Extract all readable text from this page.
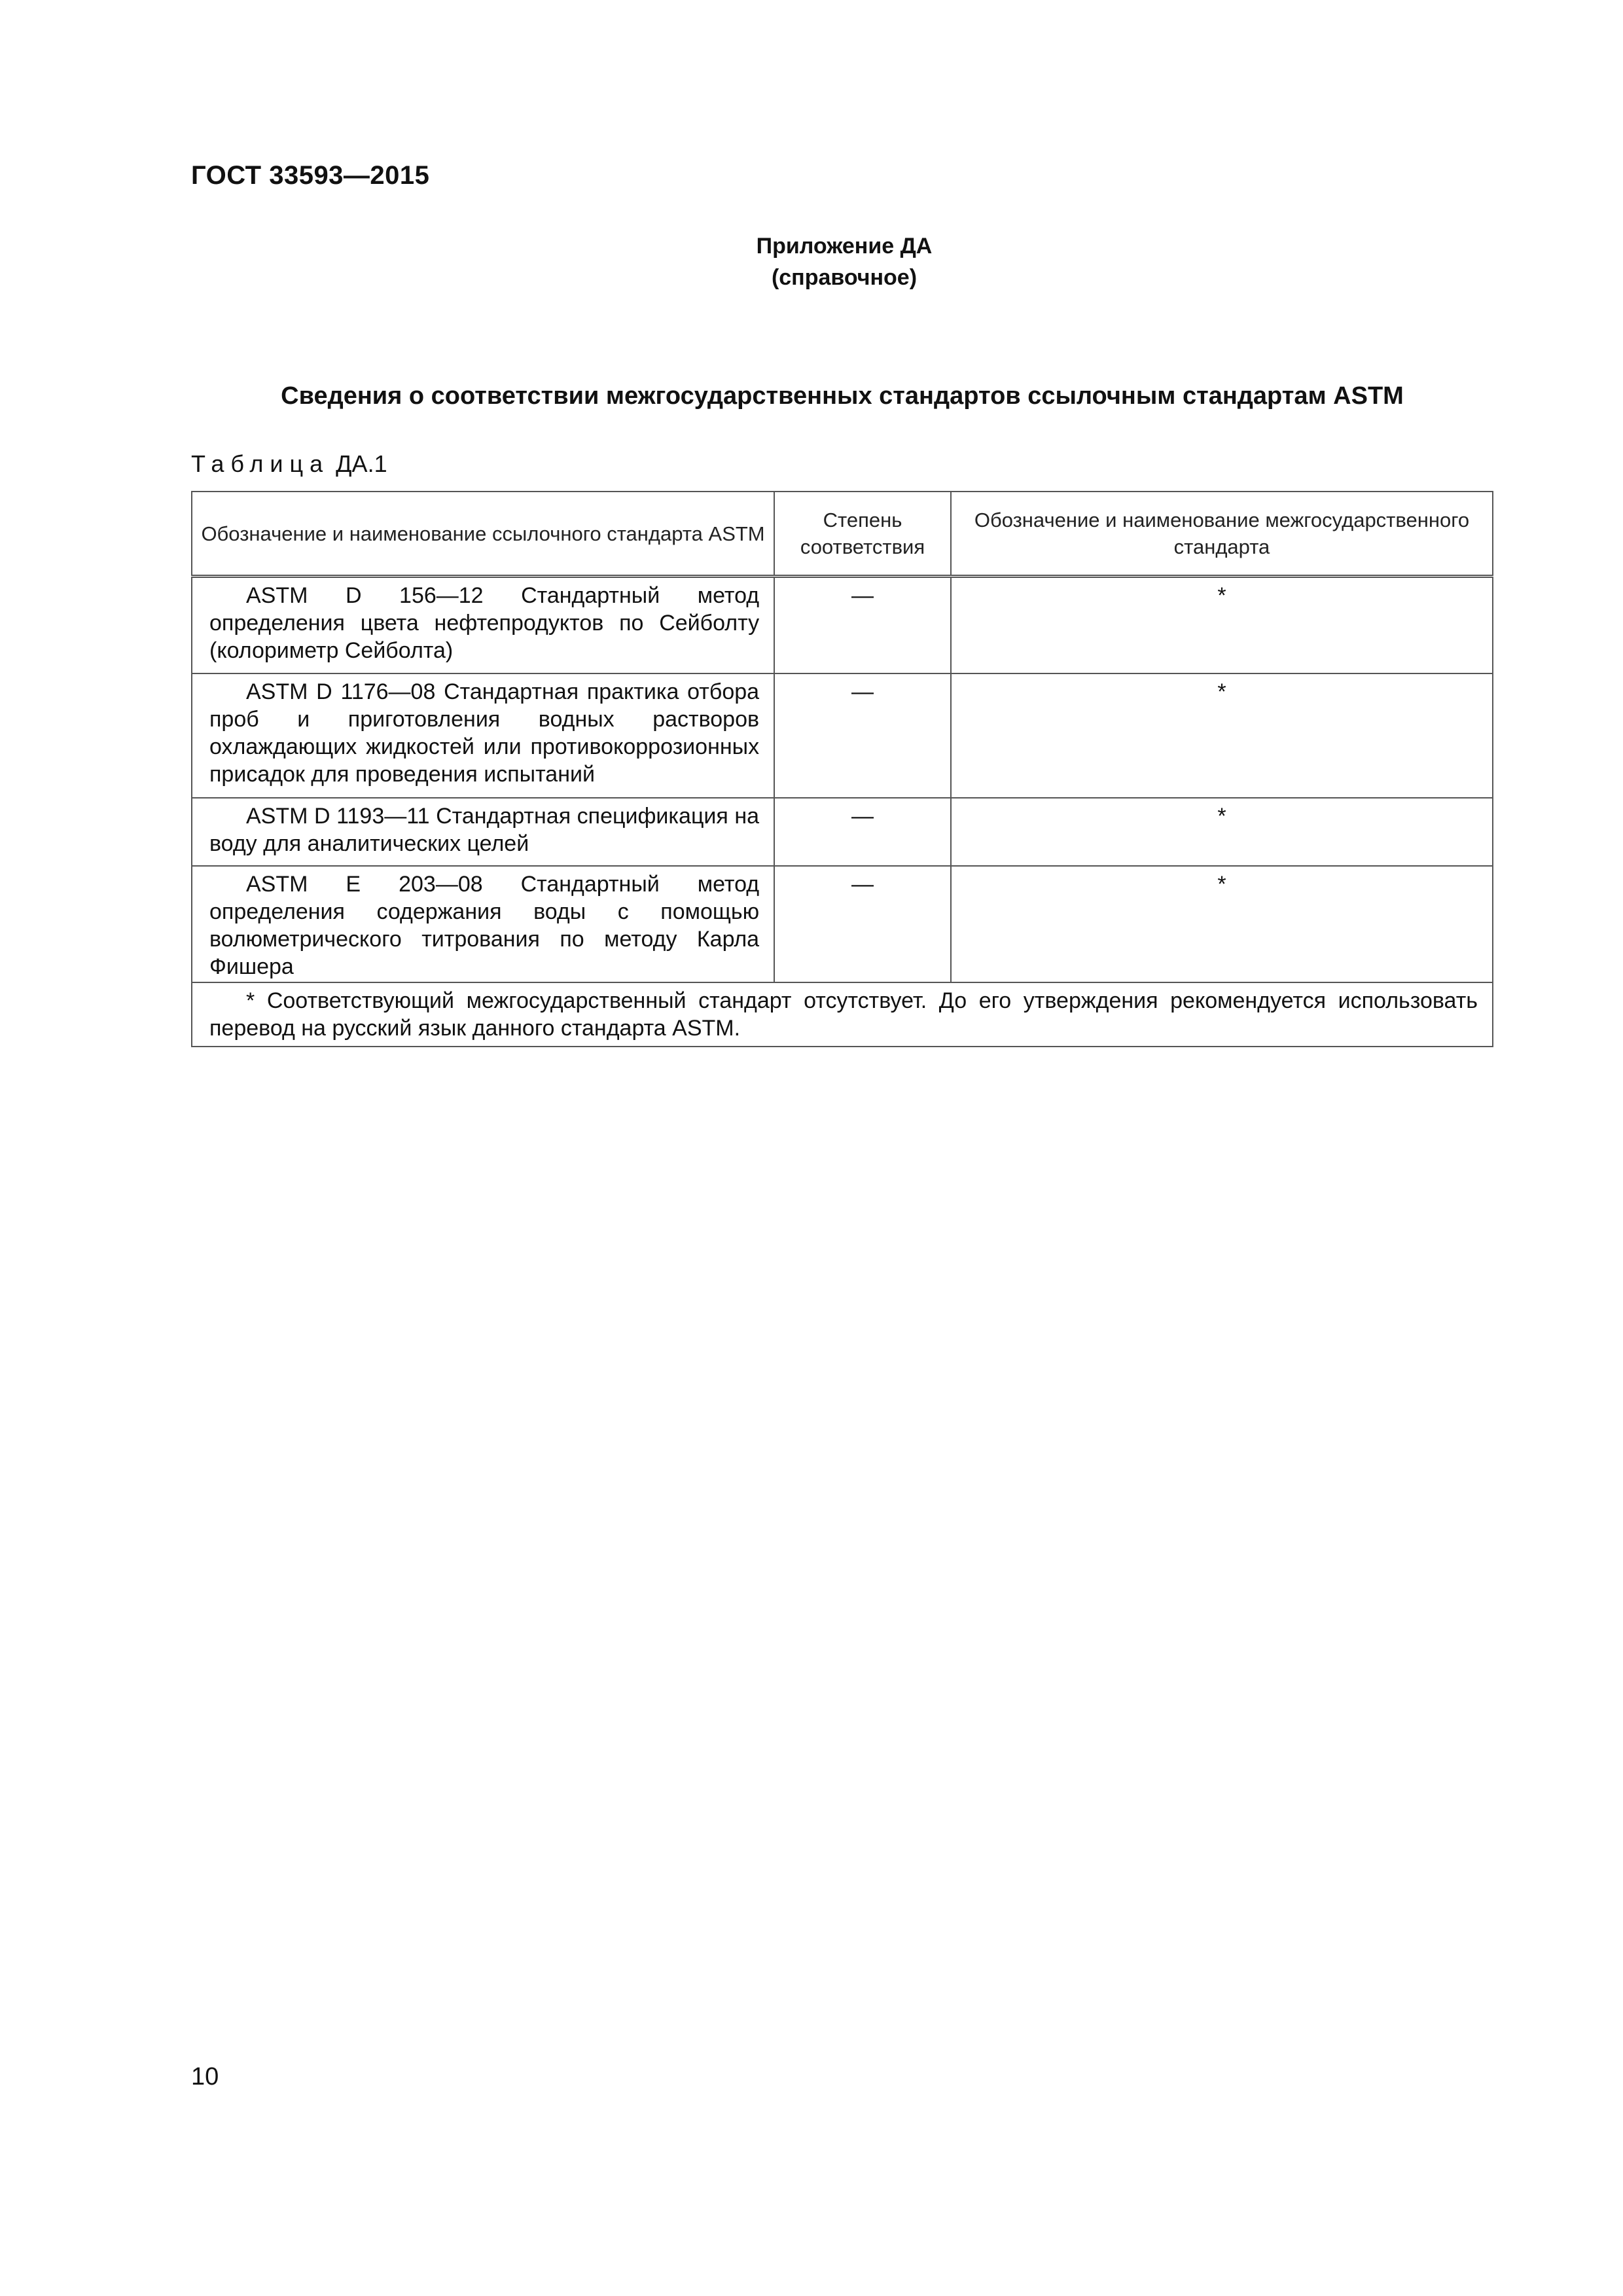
ГОСТ 33593—2015
Приложение ДА
(справочное)
Сведения о соответствии межгосударственных стандартов ссылочным стандартам ASTM
Таблица ДА.1
Обозначение и наименование ссылочного стандарта ASTM	Степень соответствия	Обозначение и наименование межгосударственного стандарта
ASTM D 156—12 Стандартный метод определения цвета нефтепродуктов по Сейболту (колориметр Сейболта)	—	*
ASTM D 1176—08 Стандартная практика отбора проб и приготовления водных растворов охлаждающих жидкостей или противокоррозионных присадок для проведения испытаний	—	*
ASTM D 1193—11 Стандартная спецификация на воду для аналитических целей	—	*
ASTM E 203—08 Стандартный метод определения содержания воды с помощью волюметрического титрования по методу Карла Фишера	—	*
* Соответствующий межгосударственный стандарт отсутствует. До его утверждения рекомендуется использовать перевод на русский язык данного стандарта ASTM.		
10
